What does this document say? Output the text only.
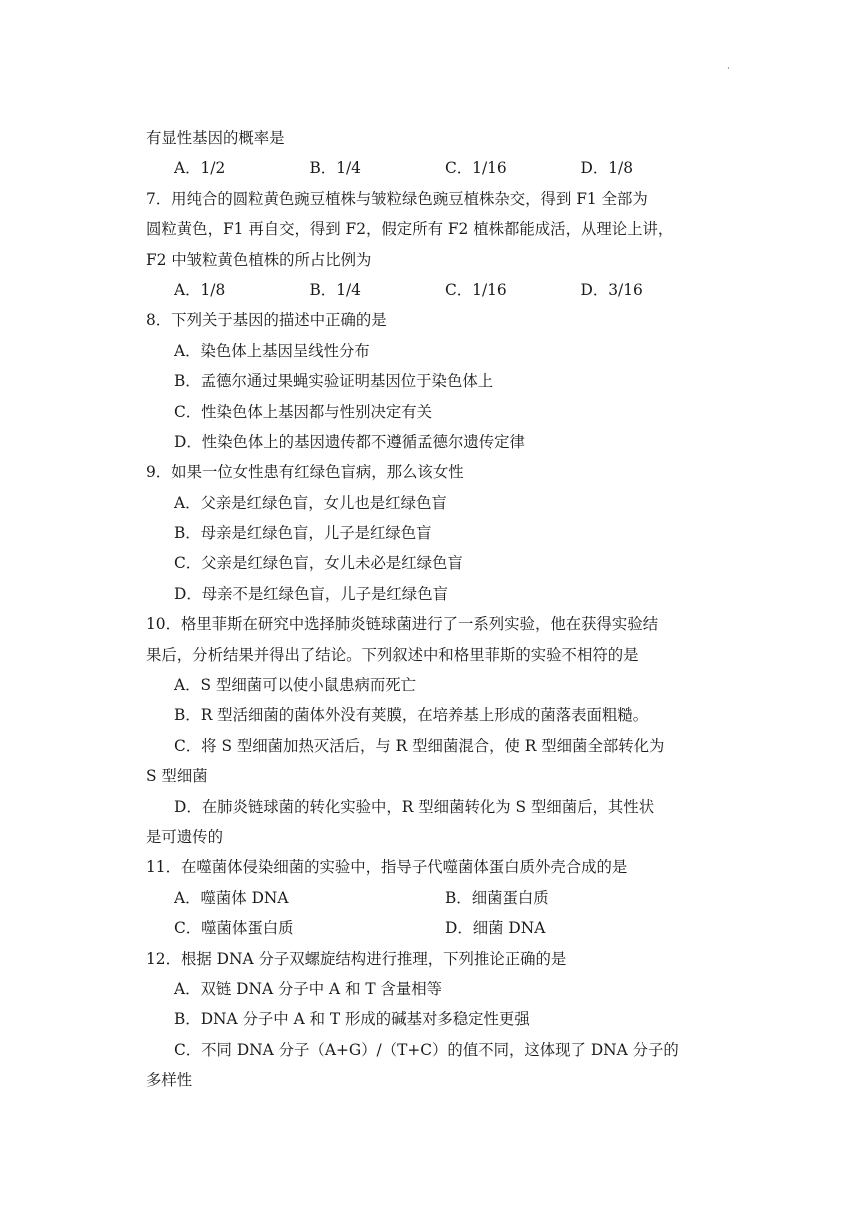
·
有显性基因的概率是
A．1/2	B．1/4	C．1/16	D．1/8
7．用纯合的圆粒黄色豌豆植株与皱粒绿色豌豆植株杂交，得到 F1 全部为
圆粒黄色，F1 再自交，得到 F2，假定所有 F2 植株都能成活，从理论上讲，
F2 中皱粒黄色植株的所占比例为
A．1/8	B．1/4	C．1/16	D．3/16
8．下列关于基因的描述中正确的是
A．染色体上基因呈线性分布
B．孟德尔通过果蝇实验证明基因位于染色体上
C．性染色体上基因都与性别决定有关
D．性染色体上的基因遗传都不遵循孟德尔遗传定律
9．如果一位女性患有红绿色盲病，那么该女性
A．父亲是红绿色盲，女儿也是红绿色盲
B．母亲是红绿色盲，儿子是红绿色盲
C．父亲是红绿色盲，女儿未必是红绿色盲
D．母亲不是红绿色盲，儿子是红绿色盲
10．格里菲斯在研究中选择肺炎链球菌进行了一系列实验，他在获得实验结
果后，分析结果并得出了结论。下列叙述中和格里菲斯的实验不相符的是
A．S 型细菌可以使小鼠患病而死亡
B．R 型活细菌的菌体外没有荚膜，在培养基上形成的菌落表面粗糙。
C．将 S 型细菌加热灭活后，与 R 型细菌混合，使 R 型细菌全部转化为
S 型细菌
D．在肺炎链球菌的转化实验中，R 型细菌转化为 S 型细菌后，其性状
是可遗传的
11．在噬菌体侵染细菌的实验中，指导子代噬菌体蛋白质外壳合成的是
A．噬菌体 DNA	B．细菌蛋白质
C．噬菌体蛋白质	D．细菌 DNA
12．根据 DNA 分子双螺旋结构进行推理，下列推论正确的是
A．双链 DNA 分子中 A 和 T 含量相等
B．DNA 分子中 A 和 T 形成的碱基对多稳定性更强
C．不同 DNA 分子（A+G）/（T+C）的值不同，这体现了 DNA 分子的
多样性
